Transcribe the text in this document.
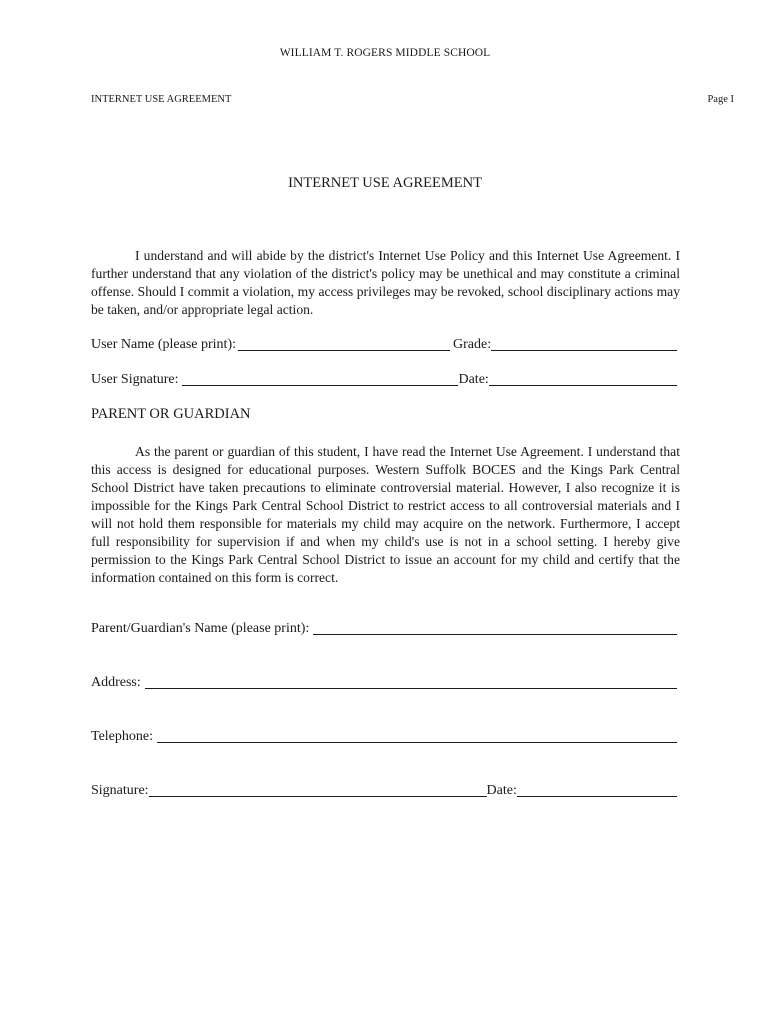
WILLIAM T. ROGERS MIDDLE SCHOOL
INTERNET USE AGREEMENT	Page I
INTERNET USE AGREEMENT

I understand and will abide by the district's Internet Use Policy and this Internet Use Agreement. I further understand that any violation of the district's policy may be unethical and may constitute a criminal offense. Should I commit a violation, my access privileges may be revoked, school disciplinary actions may be taken, and/or appropriate legal action.

User Name (please print):	Grade:
User Signature:	Date:
PARENT OR GUARDIAN

As the parent or guardian of this student, I have read the Internet Use Agreement. I understand that this access is designed for educational purposes. Western Suffolk BOCES and the Kings Park Central School District have taken precautions to eliminate controversial material. However, I also recognize it is impossible for the Kings Park Central School District to restrict access to all controversial materials and I will not hold them responsible for materials my child may acquire on the network. Furthermore, I accept full responsibility for supervision if and when my child's use is not in a school setting. I hereby give permission to the Kings Park Central School District to issue an account for my child and certify that the information contained on this form is correct.

Parent/Guardian's Name (please print):
Address:
Telephone:
Signature:	Date:
